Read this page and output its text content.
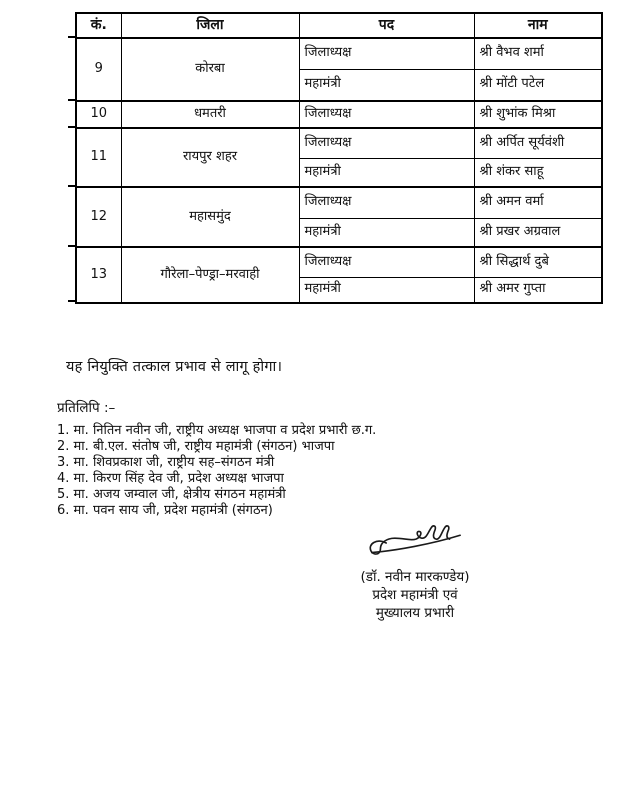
कं.	जिला	पद	नाम
9	कोरबा	जिलाध्यक्ष	श्री वैभव शर्मा
		महामंत्री	श्री मोंटी पटेल
10	धमतरी	जिलाध्यक्ष	श्री शुभांक मिश्रा
11	रायपुर शहर	जिलाध्यक्ष	श्री अर्पित सूर्यवंशी
		महामंत्री	श्री शंकर साहू
12	महासमुंद	जिलाध्यक्ष	श्री अमन वर्मा
		महामंत्री	श्री प्रखर अग्रवाल
13	गौरेला–पेण्ड्रा–मरवाही	जिलाध्यक्ष	श्री सिद्धार्थ दुबे
		महामंत्री	श्री अमर गुप्ता

यह नियुक्ति तत्काल प्रभाव से लागू होगा।

प्रतिलिपि :–
1. मा. नितिन नवीन जी, राष्ट्रीय अध्यक्ष भाजपा व प्रदेश प्रभारी छ.ग.
2. मा. बी.एल. संतोष जी, राष्ट्रीय महामंत्री (संगठन) भाजपा
3. मा. शिवप्रकाश जी, राष्ट्रीय सह–संगठन मंत्री
4. मा. किरण सिंह देव जी, प्रदेश अध्यक्ष भाजपा
5. मा. अजय जम्वाल जी, क्षेत्रीय संगठन महामंत्री
6. मा. पवन साय जी, प्रदेश महामंत्री (संगठन)
(डॉ. नवीन मारकण्डेय)
प्रदेश महामंत्री एवं
मुख्यालय प्रभारी
